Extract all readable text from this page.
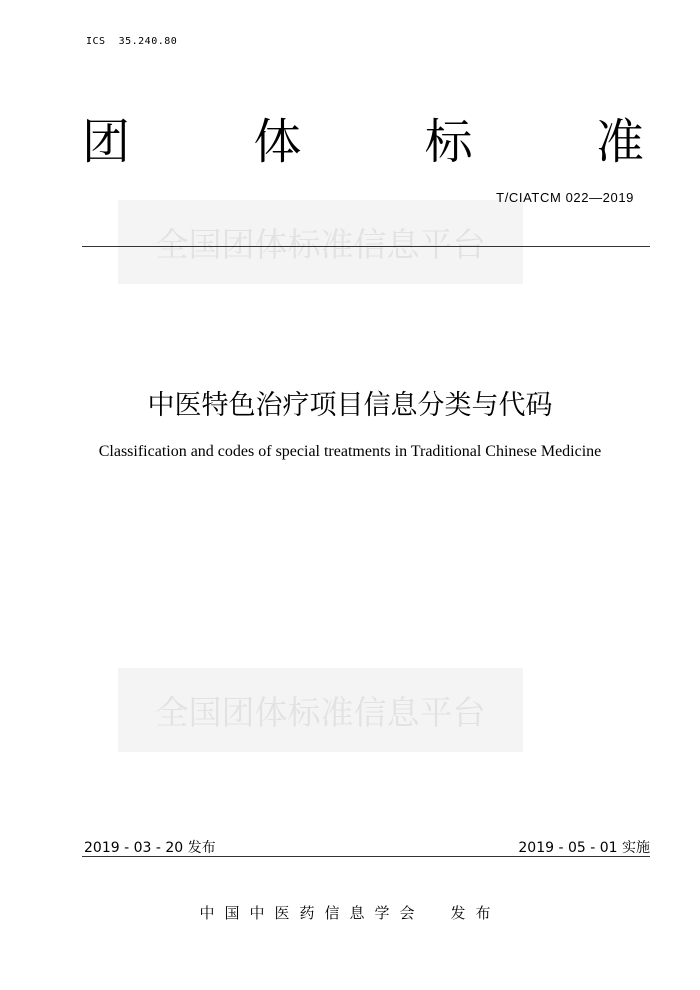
ICS  35.240.80
团	体	标	准
全国团体标准信息平台
T/CIATCM 022—2019
中医特色治疗项目信息分类与代码
Classification and codes of special treatments in Traditional Chinese Medicine
全国团体标准信息平台
2019 - 03 - 20 发布	2019 - 05 - 01 实施
中国中医药信息学会 发布
